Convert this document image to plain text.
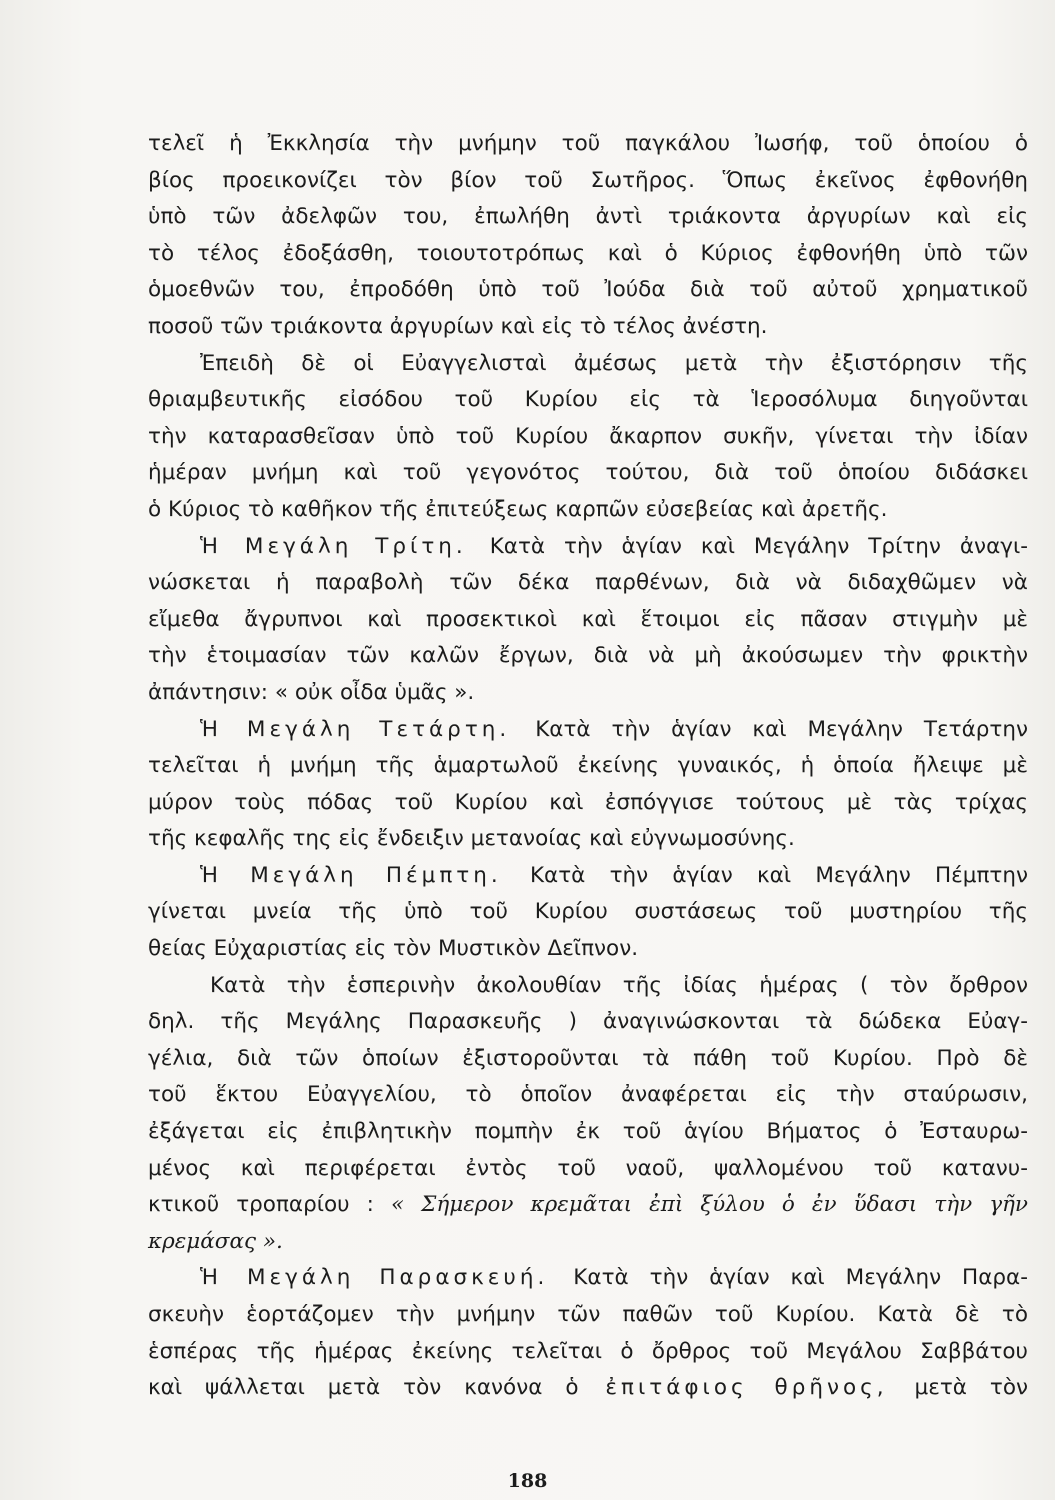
τελεῖ ἡ Ἐκκλησία τὴν μνήμην τοῦ παγκάλου Ἰωσήφ, τοῦ ὁποίου ὁ
βίος προεικονίζει τὸν βίον τοῦ Σωτῆρος. Ὅπως ἐκεῖνος ἐφθονήθη
ὑπὸ τῶν ἀδελφῶν του, ἐπωλήθη ἀντὶ τριάκοντα ἀργυρίων καὶ εἰς
τὸ τέλος ἐδοξάσθη, τοιουτοτρόπως καὶ ὁ Κύριος ἐφθονήθη ὑπὸ τῶν
ὁμοεθνῶν του, ἐπροδόθη ὑπὸ τοῦ Ἰούδα διὰ τοῦ αὐτοῦ χρηματικοῦ
ποσοῦ τῶν τριάκοντα ἀργυρίων καὶ εἰς τὸ τέλος ἀνέστη.
Ἐπειδὴ δὲ οἱ Εὐαγγελισταὶ ἀμέσως μετὰ τὴν ἐξιστόρησιν τῆς
θριαμβευτικῆς εἰσόδου τοῦ Κυρίου εἰς τὰ Ἱεροσόλυμα διηγοῦνται
τὴν καταρασθεῖσαν ὑπὸ τοῦ Κυρίου ἄκαρπον συκῆν, γίνεται τὴν ἰδίαν
ἡμέραν μνήμη καὶ τοῦ γεγονότος τούτου, διὰ τοῦ ὁποίου διδάσκει
ὁ Κύριος τὸ καθῆκον τῆς ἐπιτεύξεως καρπῶν εὐσεβείας καὶ ἀρετῆς.
Ἡ Μεγάλη Τρίτη. Κατὰ τὴν ἁγίαν καὶ Μεγάλην Τρίτην ἀναγι-
νώσκεται ἡ παραβολὴ τῶν δέκα παρθένων, διὰ νὰ διδαχθῶμεν νὰ
εἴμεθα ἄγρυπνοι καὶ προσεκτικοὶ καὶ ἕτοιμοι εἰς πᾶσαν στιγμὴν μὲ
τὴν ἑτοιμασίαν τῶν καλῶν ἔργων, διὰ νὰ μὴ ἀκούσωμεν τὴν φρικτὴν
ἀπάντησιν: « οὐκ οἶδα ὑμᾶς ».
Ἡ Μεγάλη Τετάρτη. Κατὰ τὴν ἁγίαν καὶ Μεγάλην Τετάρτην
τελεῖται ἡ μνήμη τῆς ἁμαρτωλοῦ ἐκείνης γυναικός, ἡ ὁποία ἤλειψε μὲ
μύρον τοὺς πόδας τοῦ Κυρίου καὶ ἐσπόγγισε τούτους μὲ τὰς τρίχας
τῆς κεφαλῆς της εἰς ἔνδειξιν μετανοίας καὶ εὐγνωμοσύνης.
Ἡ Μεγάλη Πέμπτη. Κατὰ τὴν ἁγίαν καὶ Μεγάλην Πέμπτην
γίνεται μνεία τῆς ὑπὸ τοῦ Κυρίου συστάσεως τοῦ μυστηρίου τῆς
θείας Εὐχαριστίας εἰς τὸν Μυστικὸν Δεῖπνον.
Κατὰ τὴν ἑσπερινὴν ἀκολουθίαν τῆς ἰδίας ἡμέρας ( τὸν ὄρθρον
δηλ. τῆς Μεγάλης Παρασκευῆς ) ἀναγινώσκονται τὰ δώδεκα Εὐαγ-
γέλια, διὰ τῶν ὁποίων ἐξιστοροῦνται τὰ πάθη τοῦ Κυρίου. Πρὸ δὲ
τοῦ ἕκτου Εὐαγγελίου, τὸ ὁποῖον ἀναφέρεται εἰς τὴν σταύρωσιν,
ἐξάγεται εἰς ἐπιβλητικὴν πομπὴν ἐκ τοῦ ἁγίου Βήματος ὁ Ἐσταυρω-
μένος καὶ περιφέρεται ἐντὸς τοῦ ναοῦ, ψαλλομένου τοῦ κατανυ-
κτικοῦ τροπαρίου : « Σήμερον κρεμᾶται ἐπὶ ξύλου ὁ ἐν ὕδασι τὴν γῆν
κρεμάσας ».
Ἡ Μεγάλη Παρασκευή. Κατὰ τὴν ἁγίαν καὶ Μεγάλην Παρα-
σκευὴν ἑορτάζομεν τὴν μνήμην τῶν παθῶν τοῦ Κυρίου. Κατὰ δὲ τὸ
ἑσπέρας τῆς ἡμέρας ἐκείνης τελεῖται ὁ ὄρθρος τοῦ Μεγάλου Σαββάτου
καὶ ψάλλεται μετὰ τὸν κανόνα ὁ ἐπιτάφιος θρῆνος, μετὰ τὸν
188
